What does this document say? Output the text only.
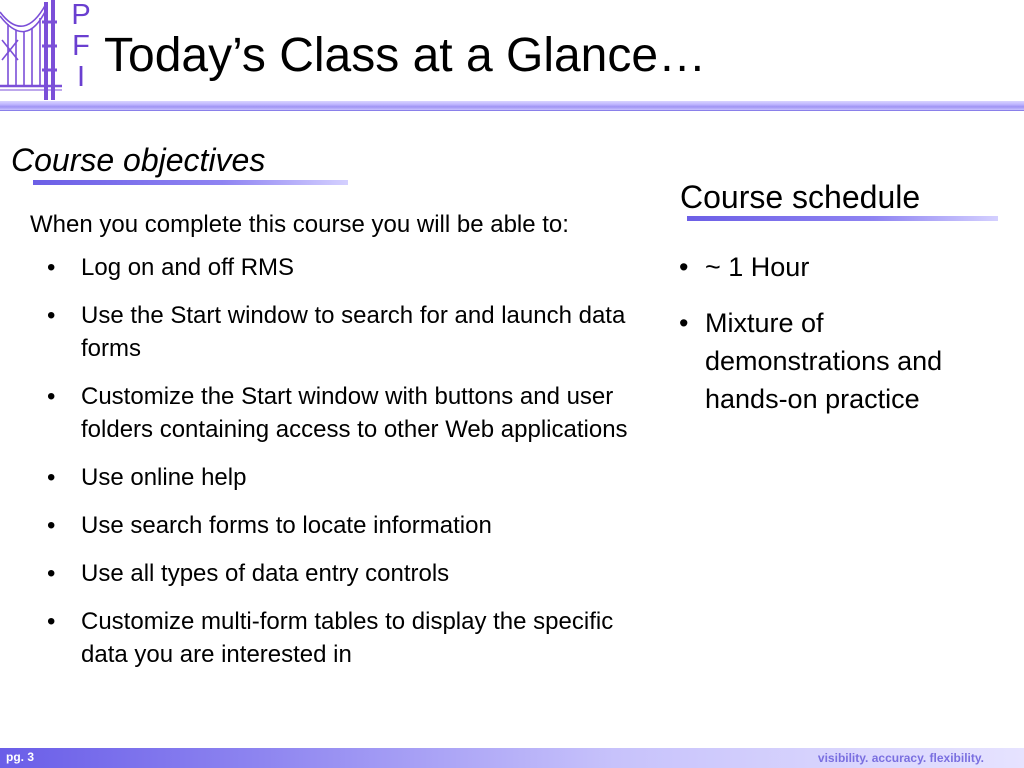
P
F
I Today’s Class at a Glance…
Course objectives

When you complete this course you will be able to:

• Log on and off RMS
• Use the Start window to search for and launch data forms
• Customize the Start window with buttons and user folders containing access to other Web applications
• Use online help
• Use search forms to locate information
• Use all types of data entry controls
• Customize multi-form tables to display the specific data you are interested in
Course schedule
• ~ 1 Hour
• Mixture of demonstrations and hands-on practice
pg. 3	visibility. accuracy. flexibility.
